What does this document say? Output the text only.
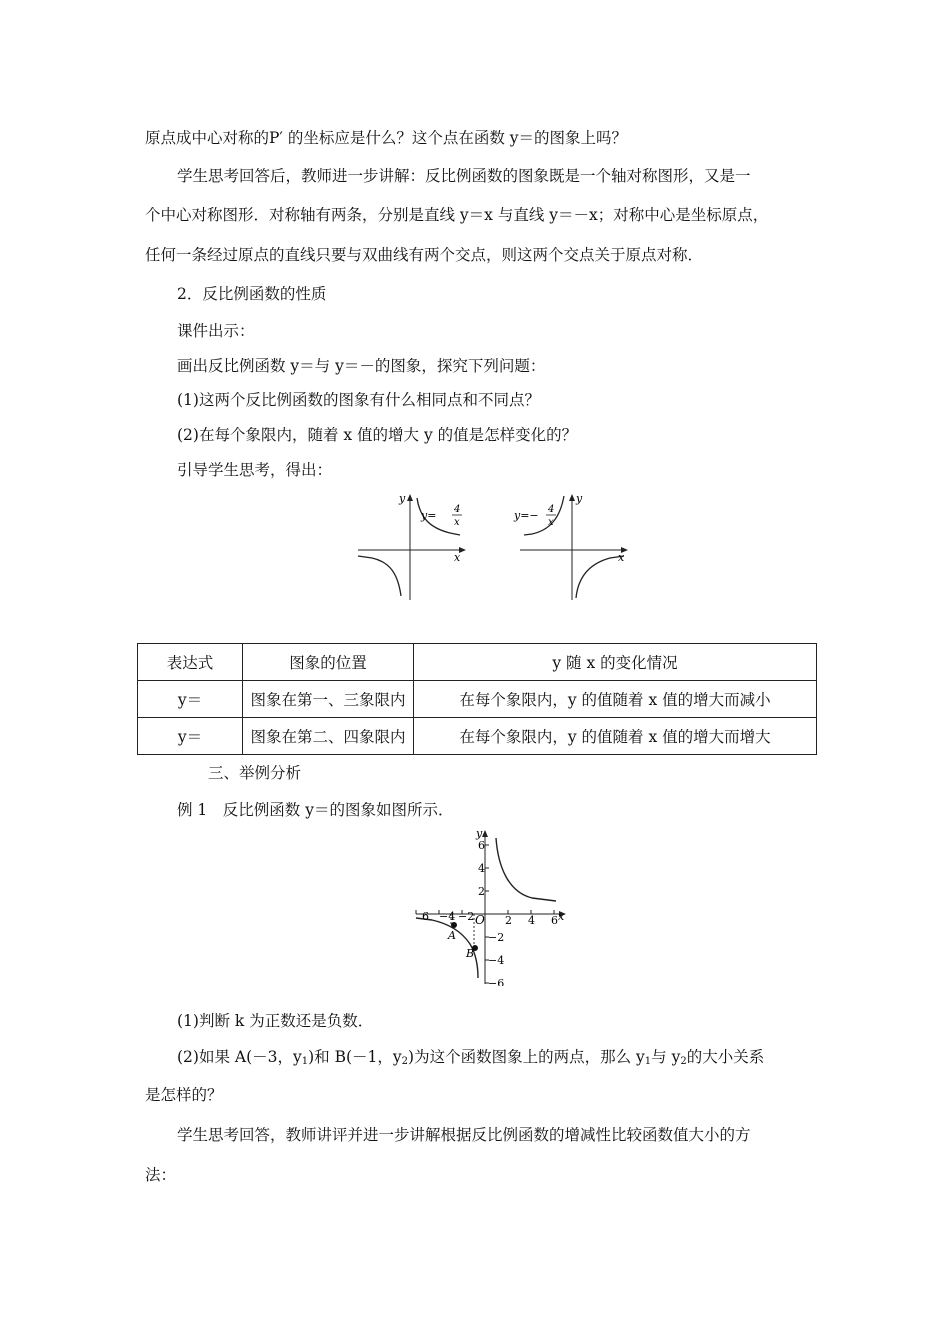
原点成中心对称的P′ 的坐标应是什么？这个点在函数 y＝的图象上吗？
学生思考回答后，教师进一步讲解：反比例函数的图象既是一个轴对称图形，又是一
个中心对称图形．对称轴有两条，分别是直线 y＝x 与直线 y＝－x；对称中心是坐标原点，
任何一条经过原点的直线只要与双曲线有两个交点，则这两个交点关于原点对称．
2．反比例函数的性质
课件出示：
画出反比例函数 y＝与 y＝－的图象，探究下列问题：
(1)这两个反比例函数的图象有什么相同点和不同点？
(2)在每个象限内，随着 x 值的增大 y 的值是怎样变化的？
引导学生思考，得出：
y
x
y= 4
x
y
x
y=− 4
x
表达式	图象的位置	y 随 x 的变化情况
y＝	图象在第一、三象限内	在每个象限内，y 的值随着 x 值的增大而减小
y＝	图象在第二、四象限内	在每个象限内，y 的值随着 x 值的增大而增大
三、举例分析
例 1　反比例函数 y＝的图象如图所示．
y
x
O
6
4
2
−2
−4
−6
2 4 6
6 −4 −2
A
B
(1)判断 k 为正数还是负数．
(2)如果 A(－3，$y_1$)和 B(－1，$y_2$)为这个函数图象上的两点，那么 $y_1$与 $y_2$的大小关系
是怎样的？
学生思考回答，教师讲评并进一步讲解根据反比例函数的增减性比较函数值大小的方
法：
